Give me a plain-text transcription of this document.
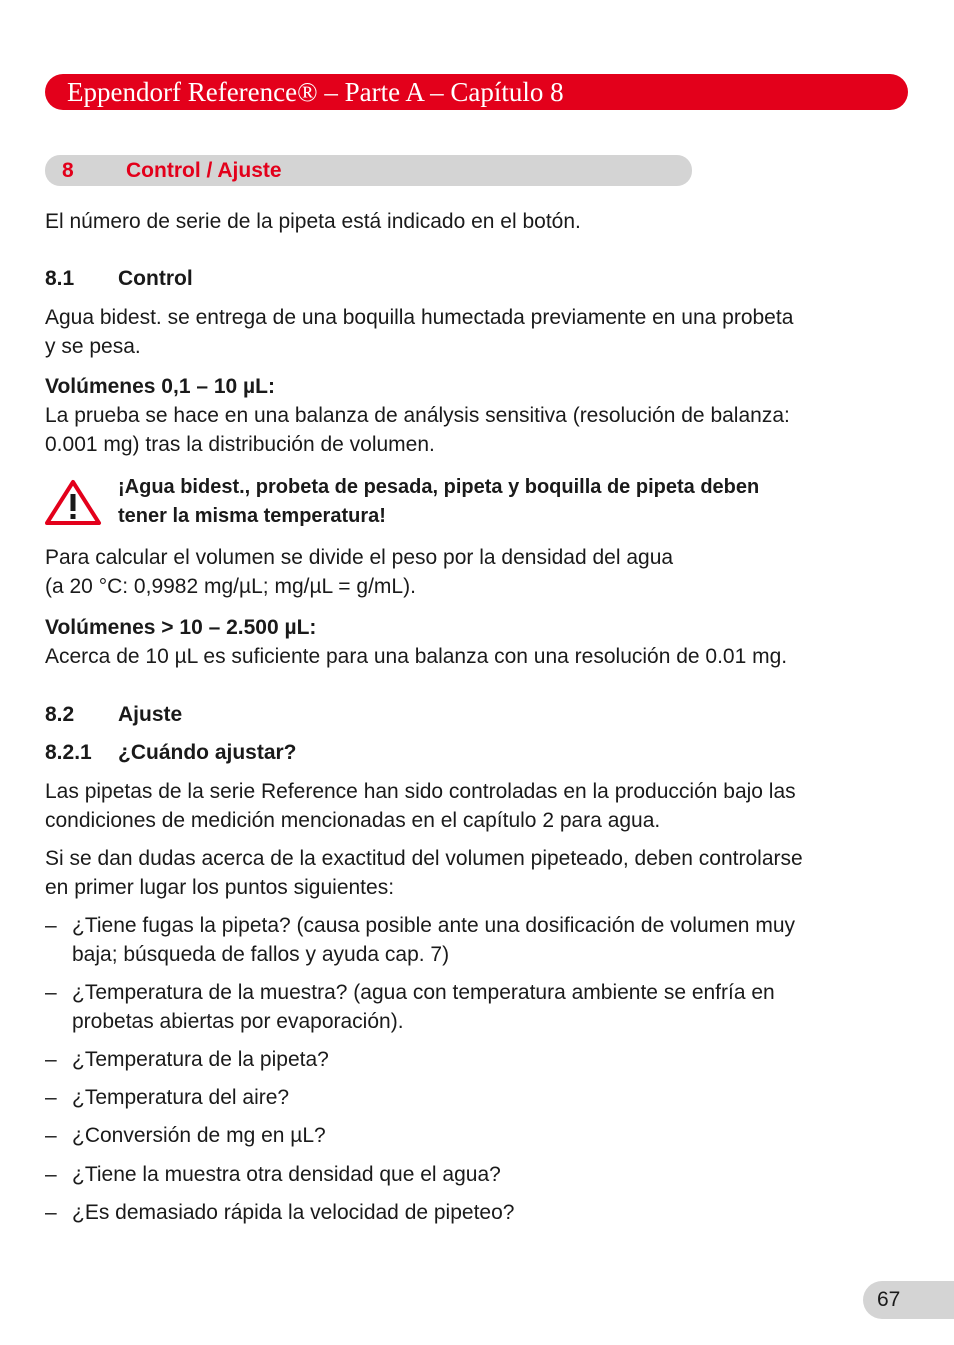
Eppendorf Reference® – Parte A – Capítulo 8
8 Control / Ajuste
El número de serie de la pipeta está indicado en el botón.
8.1 Control
Agua bidest. se entrega de una boquilla humectada previamente en una probeta
y se pesa.
Volúmenes 0,1 – 10 µL:
La prueba se hace en una balanza de análysis sensitiva (resolución de balanza:
0.001 mg) tras la distribución de volumen.
¡Agua bidest., probeta de pesada, pipeta y boquilla de pipeta deben
tener la misma temperatura!
Para calcular el volumen se divide el peso por la densidad del agua
(a 20 °C: 0,9982 mg/µL; mg/µL = g/mL).
Volúmenes > 10 – 2.500 µL:
Acerca de 10 µL es suficiente para una balanza con una resolución de 0.01 mg.
8.2 Ajuste
8.2.1 ¿Cuándo ajustar?
Las pipetas de la serie Reference han sido controladas en la producción bajo las
condiciones de medición mencionadas en el capítulo 2 para agua.
Si se dan dudas acerca de la exactitud del volumen pipeteado, deben controlarse
en primer lugar los puntos siguientes:
– ¿Tiene fugas la pipeta? (causa posible ante una dosificación de volumen muy
baja; búsqueda de fallos y ayuda cap. 7)
– ¿Temperatura de la muestra? (agua con temperatura ambiente se enfría en
probetas abiertas por evaporación).
– ¿Temperatura de la pipeta?
– ¿Temperatura del aire?
– ¿Conversión de mg en µL?
– ¿Tiene la muestra otra densidad que el agua?
– ¿Es demasiado rápida la velocidad de pipeteo?
67
